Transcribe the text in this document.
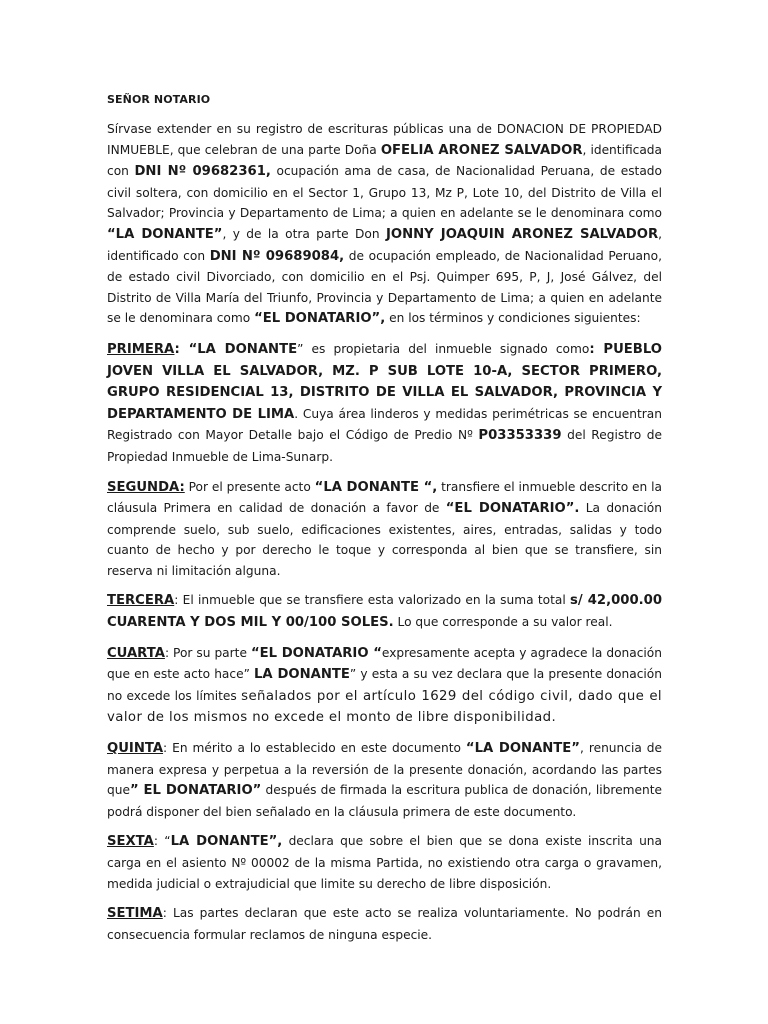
SEÑOR NOTARIO

Sírvase extender en su registro de escrituras públicas una de DONACION DE PROPIEDAD INMUEBLE, que celebran de una parte Doña OFELIA ARONEZ SALVADOR, identificada con DNI Nº 09682361, ocupación ama de casa, de Nacionalidad Peruana, de estado civil soltera, con domicilio en el Sector 1, Grupo 13, Mz P, Lote 10, del Distrito de Villa el Salvador; Provincia y Departamento de Lima; a quien en adelante se le denominara como “LA DONANTE”, y de la otra parte Don JONNY JOAQUIN ARONEZ SALVADOR, identificado con DNI Nº 09689084, de ocupación empleado, de Nacionalidad Peruano, de estado civil Divorciado, con domicilio en el Psj. Quimper 695, P, J, José Gálvez, del Distrito de Villa María del Triunfo, Provincia y Departamento de Lima; a quien en adelante se le denominara como “EL DONATARIO”, en los términos y condiciones siguientes:

PRIMERA: “LA DONANTE” es propietaria del inmueble signado como: PUEBLO JOVEN VILLA EL SALVADOR, MZ. P SUB LOTE 10-A, SECTOR PRIMERO, GRUPO RESIDENCIAL 13, DISTRITO DE VILLA EL SALVADOR, PROVINCIA Y DEPARTAMENTO DE LIMA. Cuya área linderos y medidas perimétricas se encuentran Registrado con Mayor Detalle bajo el Código de Predio Nº P03353339 del Registro de Propiedad Inmueble de Lima-Sunarp.

SEGUNDA: Por el presente acto “LA DONANTE “, transfiere el inmueble descrito en la cláusula Primera en calidad de donación a favor de “EL DONATARIO”. La donación comprende suelo, sub suelo, edificaciones existentes, aires, entradas, salidas y todo cuanto de hecho y por derecho le toque y corresponda al bien que se transfiere, sin reserva ni limitación alguna.

TERCERA: El inmueble que se transfiere esta valorizado en la suma total s/ 42,000.00 CUARENTA Y DOS MIL Y 00/100 SOLES. Lo que corresponde a su valor real.

CUARTA: Por su parte “EL DONATARIO “expresamente acepta y agradece la donación que en este acto hace” LA DONANTE” y esta a su vez declara que la presente donación no excede los límites señalados por el artículo 1629 del código civil, dado que el valor de los mismos no excede el monto de libre disponibilidad.

QUINTA: En mérito a lo establecido en este documento “LA DONANTE”, renuncia de manera expresa y perpetua a la reversión de la presente donación, acordando las partes que” EL DONATARIO” después de firmada la escritura publica de donación, libremente podrá disponer del bien señalado en la cláusula primera de este documento.

SEXTA: “LA DONANTE”, declara que sobre el bien que se dona existe inscrita una carga en el asiento Nº 00002 de la misma Partida, no existiendo otra carga o gravamen, medida judicial o extrajudicial que limite su derecho de libre disposición.

SETIMA: Las partes declaran que este acto se realiza voluntariamente. No podrán en consecuencia formular reclamos de ninguna especie.
